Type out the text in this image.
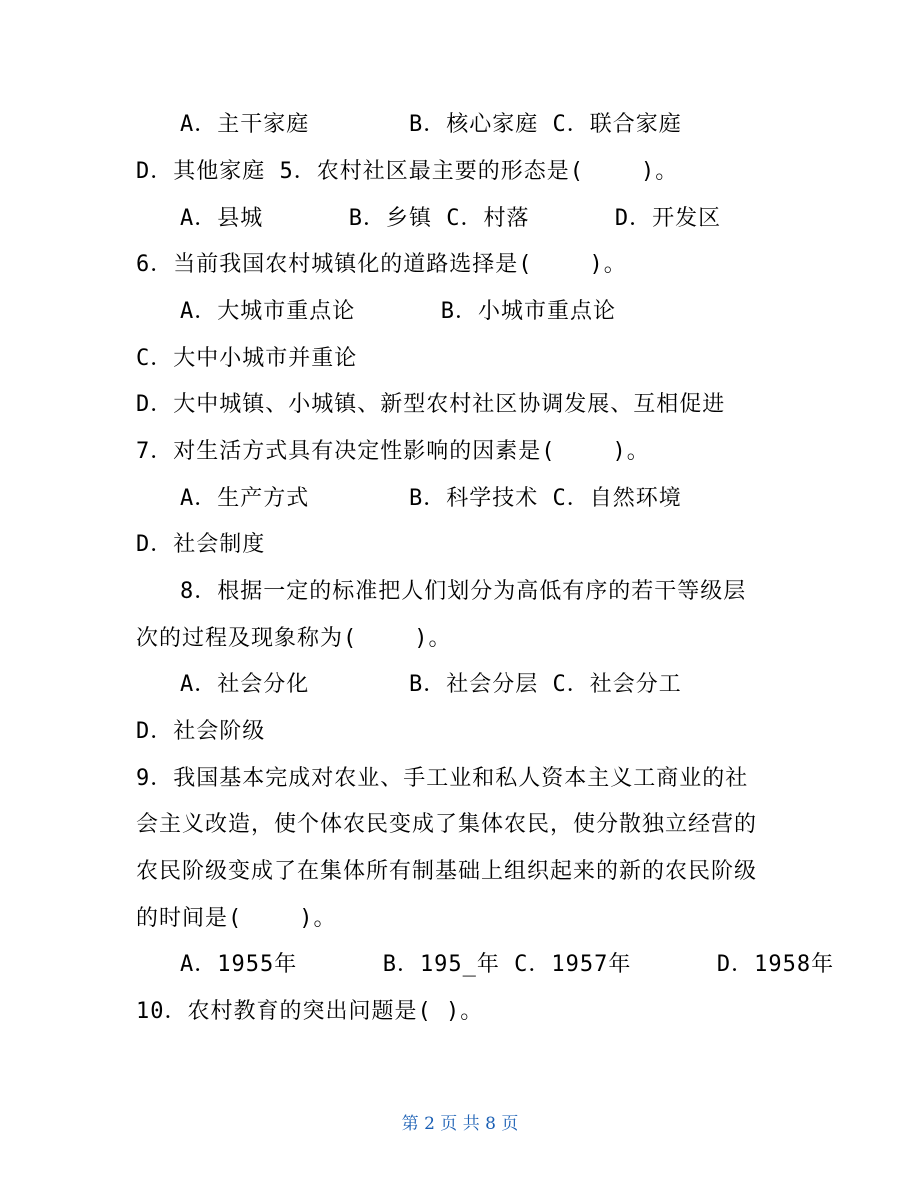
A．主干家庭       B．核心家庭 C．联合家庭
D．其他家庭 5．农村社区最主要的形态是(    )。
A．县城      B．乡镇 C．村落      D．开发区
6．当前我国农村城镇化的道路选择是(    )。
A．大城市重点论      B．小城市重点论
C．大中小城市并重论
D．大中城镇、小城镇、新型农村社区协调发展、互相促进
7．对生活方式具有决定性影响的因素是(    )。
A．生产方式       B．科学技术 C．自然环境
D．社会制度
8．根据一定的标准把人们划分为高低有序的若干等级层
次的过程及现象称为(    )。
A．社会分化       B．社会分层 C．社会分工
D．社会阶级
9．我国基本完成对农业、手工业和私人资本主义工商业的社
会主义改造，使个体农民变成了集体农民，使分散独立经营的
农民阶级变成了在集体所有制基础上组织起来的新的农民阶级
的时间是(    )。
A．1955年      B．195_年 C．1957年      D．1958年
10．农村教育的突出问题是( )。
第 2 页 共 8 页
